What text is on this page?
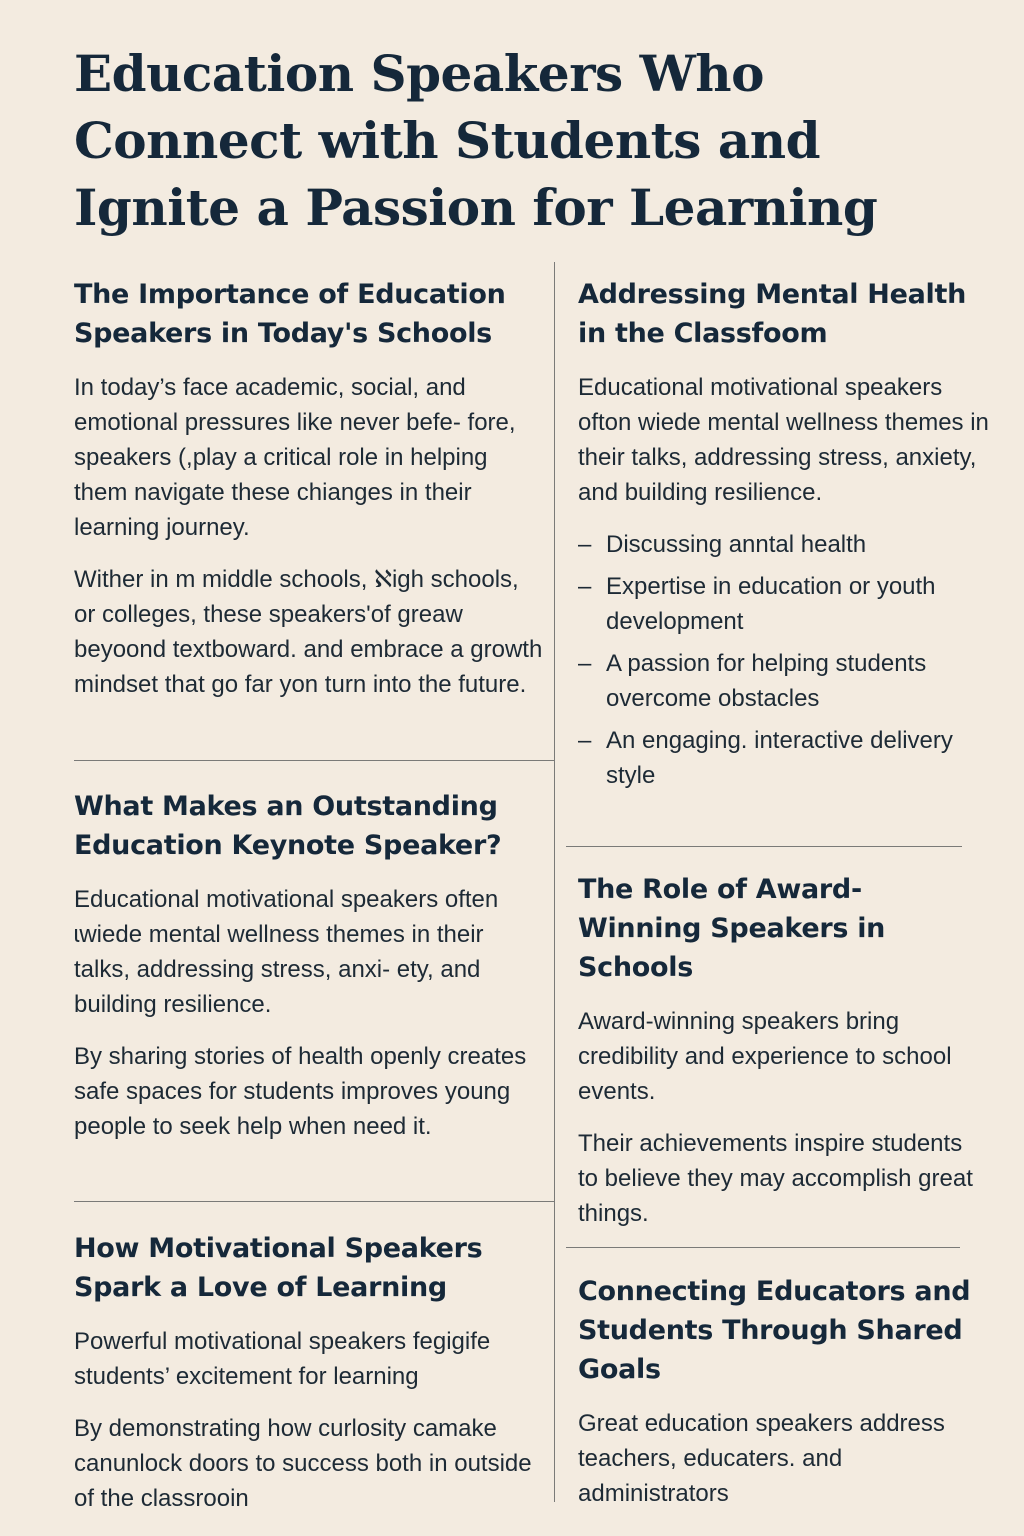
Education Speakers Who Connect with Students and Ignite a Passion for Learning
The Importance of Education Speakers in Today's Schools

In today’s face academic, social, and emotional pressures like never befe- fore, speakers (,play a critical role in helping them navigate these chianges in their learning journey.

Wither in m middle schools, ℵigh schools, or colleges, these speakers'of greaw beyoond textboward. and embrace a growth mindset that go far yon turn into the future.

What Makes an Outstanding Education Keynote Speaker?

Educational motivational speakers often ɩwiede mental wellness themes in their talks, addressing stress, anxi- ety, and building resilience.

By sharing stories of health openly creates safe spaces for students improves young people to seek help when need it.

How Motivational Speakers Spark a Love of Learning

Powerful motivational speakers fegigife students’ excitement for learning

By demonstrating how curlosity camake canunlock doors to success both in outside of the classrooin

Addressing Mental Health in the Classfoom

Educational motivational speakers ofton wiede mental wellness themes in their talks, addressing stress, anxiety, and building resilience.

– Discussing anntal health
– Expertise in education or youth development
– A passion for helping students overcome obstacles
– An engaging. interactive delivery style
The Role of Award-Winning Speakers in Schools

Award-winning speakers bring credibility and experience to school events.

Their achievements inspire students to believe they may accomplish great things.

Connecting Educators and Students Through Shared Goals

Great education speakers address teachers, educaters. and administrators
